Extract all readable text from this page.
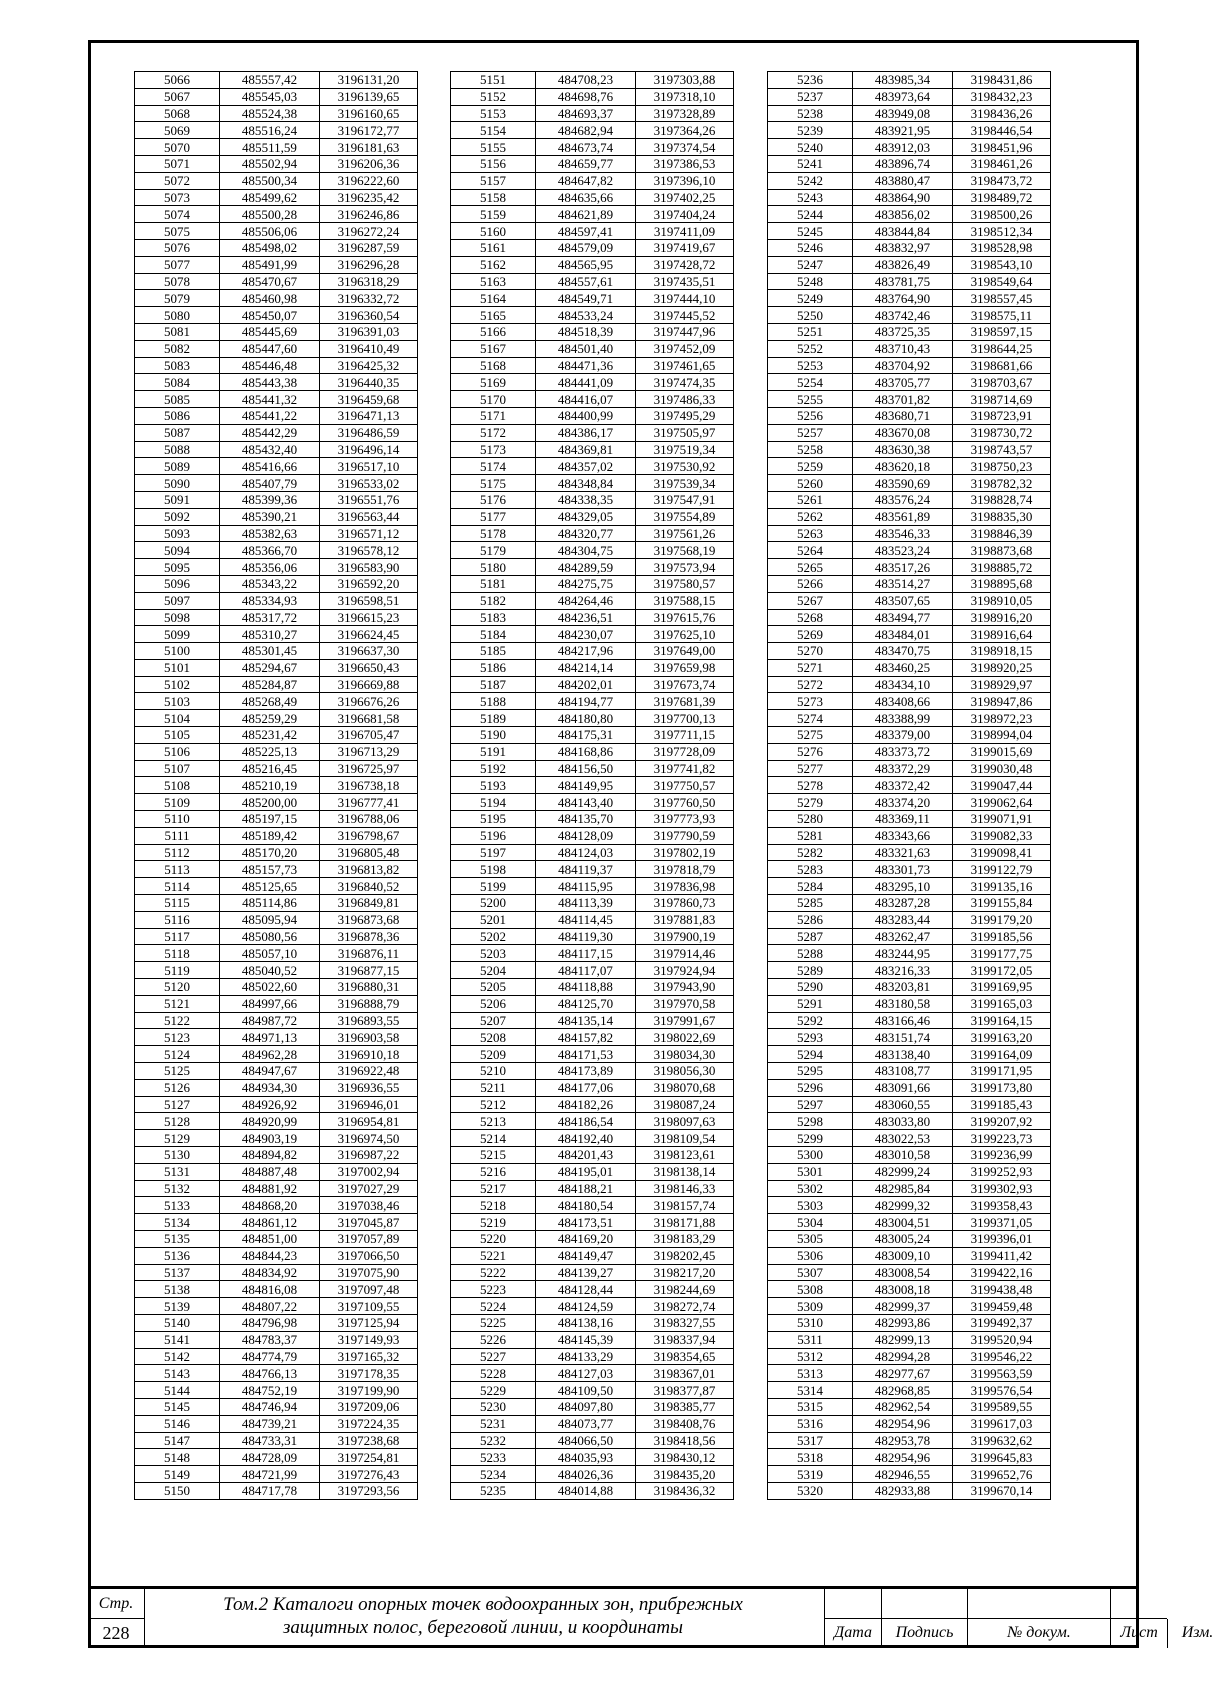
5066	485557,42	3196131,20
5067	485545,03	3196139,65
5068	485524,38	3196160,65
5069	485516,24	3196172,77
5070	485511,59	3196181,63
5071	485502,94	3196206,36
5072	485500,34	3196222,60
5073	485499,62	3196235,42
5074	485500,28	3196246,86
5075	485506,06	3196272,24
5076	485498,02	3196287,59
5077	485491,99	3196296,28
5078	485470,67	3196318,29
5079	485460,98	3196332,72
5080	485450,07	3196360,54
5081	485445,69	3196391,03
5082	485447,60	3196410,49
5083	485446,48	3196425,32
5084	485443,38	3196440,35
5085	485441,32	3196459,68
5086	485441,22	3196471,13
5087	485442,29	3196486,59
5088	485432,40	3196496,14
5089	485416,66	3196517,10
5090	485407,79	3196533,02
5091	485399,36	3196551,76
5092	485390,21	3196563,44
5093	485382,63	3196571,12
5094	485366,70	3196578,12
5095	485356,06	3196583,90
5096	485343,22	3196592,20
5097	485334,93	3196598,51
5098	485317,72	3196615,23
5099	485310,27	3196624,45
5100	485301,45	3196637,30
5101	485294,67	3196650,43
5102	485284,87	3196669,88
5103	485268,49	3196676,26
5104	485259,29	3196681,58
5105	485231,42	3196705,47
5106	485225,13	3196713,29
5107	485216,45	3196725,97
5108	485210,19	3196738,18
5109	485200,00	3196777,41
5110	485197,15	3196788,06
5111	485189,42	3196798,67
5112	485170,20	3196805,48
5113	485157,73	3196813,82
5114	485125,65	3196840,52
5115	485114,86	3196849,81
5116	485095,94	3196873,68
5117	485080,56	3196878,36
5118	485057,10	3196876,11
5119	485040,52	3196877,15
5120	485022,60	3196880,31
5121	484997,66	3196888,79
5122	484987,72	3196893,55
5123	484971,13	3196903,58
5124	484962,28	3196910,18
5125	484947,67	3196922,48
5126	484934,30	3196936,55
5127	484926,92	3196946,01
5128	484920,99	3196954,81
5129	484903,19	3196974,50
5130	484894,82	3196987,22
5131	484887,48	3197002,94
5132	484881,92	3197027,29
5133	484868,20	3197038,46
5134	484861,12	3197045,87
5135	484851,00	3197057,89
5136	484844,23	3197066,50
5137	484834,92	3197075,90
5138	484816,08	3197097,48
5139	484807,22	3197109,55
5140	484796,98	3197125,94
5141	484783,37	3197149,93
5142	484774,79	3197165,32
5143	484766,13	3197178,35
5144	484752,19	3197199,90
5145	484746,94	3197209,06
5146	484739,21	3197224,35
5147	484733,31	3197238,68
5148	484728,09	3197254,81
5149	484721,99	3197276,43
5150	484717,78	3197293,56
5151	484708,23	3197303,88
5152	484698,76	3197318,10
5153	484693,37	3197328,89
5154	484682,94	3197364,26
5155	484673,74	3197374,54
5156	484659,77	3197386,53
5157	484647,82	3197396,10
5158	484635,66	3197402,25
5159	484621,89	3197404,24
5160	484597,41	3197411,09
5161	484579,09	3197419,67
5162	484565,95	3197428,72
5163	484557,61	3197435,51
5164	484549,71	3197444,10
5165	484533,24	3197445,52
5166	484518,39	3197447,96
5167	484501,40	3197452,09
5168	484471,36	3197461,65
5169	484441,09	3197474,35
5170	484416,07	3197486,33
5171	484400,99	3197495,29
5172	484386,17	3197505,97
5173	484369,81	3197519,34
5174	484357,02	3197530,92
5175	484348,84	3197539,34
5176	484338,35	3197547,91
5177	484329,05	3197554,89
5178	484320,77	3197561,26
5179	484304,75	3197568,19
5180	484289,59	3197573,94
5181	484275,75	3197580,57
5182	484264,46	3197588,15
5183	484236,51	3197615,76
5184	484230,07	3197625,10
5185	484217,96	3197649,00
5186	484214,14	3197659,98
5187	484202,01	3197673,74
5188	484194,77	3197681,39
5189	484180,80	3197700,13
5190	484175,31	3197711,15
5191	484168,86	3197728,09
5192	484156,50	3197741,82
5193	484149,95	3197750,57
5194	484143,40	3197760,50
5195	484135,70	3197773,93
5196	484128,09	3197790,59
5197	484124,03	3197802,19
5198	484119,37	3197818,79
5199	484115,95	3197836,98
5200	484113,39	3197860,73
5201	484114,45	3197881,83
5202	484119,30	3197900,19
5203	484117,15	3197914,46
5204	484117,07	3197924,94
5205	484118,88	3197943,90
5206	484125,70	3197970,58
5207	484135,14	3197991,67
5208	484157,82	3198022,69
5209	484171,53	3198034,30
5210	484173,89	3198056,30
5211	484177,06	3198070,68
5212	484182,26	3198087,24
5213	484186,54	3198097,63
5214	484192,40	3198109,54
5215	484201,43	3198123,61
5216	484195,01	3198138,14
5217	484188,21	3198146,33
5218	484180,54	3198157,74
5219	484173,51	3198171,88
5220	484169,20	3198183,29
5221	484149,47	3198202,45
5222	484139,27	3198217,20
5223	484128,44	3198244,69
5224	484124,59	3198272,74
5225	484138,16	3198327,55
5226	484145,39	3198337,94
5227	484133,29	3198354,65
5228	484127,03	3198367,01
5229	484109,50	3198377,87
5230	484097,80	3198385,77
5231	484073,77	3198408,76
5232	484066,50	3198418,56
5233	484035,93	3198430,12
5234	484026,36	3198435,20
5235	484014,88	3198436,32
5236	483985,34	3198431,86
5237	483973,64	3198432,23
5238	483949,08	3198436,26
5239	483921,95	3198446,54
5240	483912,03	3198451,96
5241	483896,74	3198461,26
5242	483880,47	3198473,72
5243	483864,90	3198489,72
5244	483856,02	3198500,26
5245	483844,84	3198512,34
5246	483832,97	3198528,98
5247	483826,49	3198543,10
5248	483781,75	3198549,64
5249	483764,90	3198557,45
5250	483742,46	3198575,11
5251	483725,35	3198597,15
5252	483710,43	3198644,25
5253	483704,92	3198681,66
5254	483705,77	3198703,67
5255	483701,82	3198714,69
5256	483680,71	3198723,91
5257	483670,08	3198730,72
5258	483630,38	3198743,57
5259	483620,18	3198750,23
5260	483590,69	3198782,32
5261	483576,24	3198828,74
5262	483561,89	3198835,30
5263	483546,33	3198846,39
5264	483523,24	3198873,68
5265	483517,26	3198885,72
5266	483514,27	3198895,68
5267	483507,65	3198910,05
5268	483494,77	3198916,20
5269	483484,01	3198916,64
5270	483470,75	3198918,15
5271	483460,25	3198920,25
5272	483434,10	3198929,97
5273	483408,66	3198947,86
5274	483388,99	3198972,23
5275	483379,00	3198994,04
5276	483373,72	3199015,69
5277	483372,29	3199030,48
5278	483372,42	3199047,44
5279	483374,20	3199062,64
5280	483369,11	3199071,91
5281	483343,66	3199082,33
5282	483321,63	3199098,41
5283	483301,73	3199122,79
5284	483295,10	3199135,16
5285	483287,28	3199155,84
5286	483283,44	3199179,20
5287	483262,47	3199185,56
5288	483244,95	3199177,75
5289	483216,33	3199172,05
5290	483203,81	3199169,95
5291	483180,58	3199165,03
5292	483166,46	3199164,15
5293	483151,74	3199163,20
5294	483138,40	3199164,09
5295	483108,77	3199171,95
5296	483091,66	3199173,80
5297	483060,55	3199185,43
5298	483033,80	3199207,92
5299	483022,53	3199223,73
5300	483010,58	3199236,99
5301	482999,24	3199252,93
5302	482985,84	3199302,93
5303	482999,32	3199358,43
5304	483004,51	3199371,05
5305	483005,24	3199396,01
5306	483009,10	3199411,42
5307	483008,54	3199422,16
5308	483008,18	3199438,48
5309	482999,37	3199459,48
5310	482993,86	3199492,37
5311	482999,13	3199520,94
5312	482994,28	3199546,22
5313	482977,67	3199563,59
5314	482968,85	3199576,54
5315	482962,54	3199589,55
5316	482954,96	3199617,03
5317	482953,78	3199632,62
5318	482954,96	3199645,83
5319	482946,55	3199652,76
5320	482933,88	3199670,14
Стр.
228
Том.2 Каталоги опорных точек водоохранных зон, прибрежных
защитных полос, береговой линии, и координаты	Дата	Подпись	№ докум.	Лист	Изм.
